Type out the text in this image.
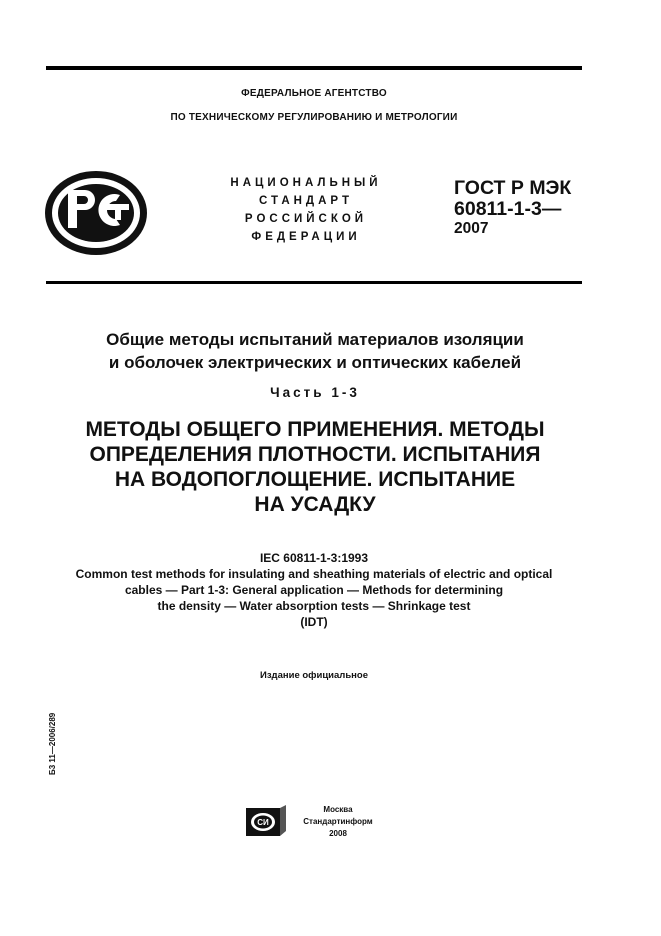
ФЕДЕРАЛЬНОЕ АГЕНТСТВО
ПО ТЕХНИЧЕСКОМУ РЕГУЛИРОВАНИЮ И МЕТРОЛОГИИ
НАЦИОНАЛЬНЫЙ
СТАНДАРТ
РОССИЙСКОЙ
ФЕДЕРАЦИИ
ГОСТ Р МЭК
60811-1-3—
2007
Общие методы испытаний материалов изоляции
и оболочек электрических и оптических кабелей
Часть 1-3
МЕТОДЫ ОБЩЕГО ПРИМЕНЕНИЯ. МЕТОДЫ
ОПРЕДЕЛЕНИЯ ПЛОТНОСТИ. ИСПЫТАНИЯ
НА ВОДОПОГЛОЩЕНИЕ. ИСПЫТАНИЕ
НА УСАДКУ
IEC 60811-1-3:1993
Common test methods for insulating and sheathing materials of electric and optical
cables — Part 1-3: General application — Methods for determining
the density — Water absorption tests — Shrinkage test
(IDT)
Издание официальное
Б3 11—2006/289
СИ
Москва
Стандартинформ
2008
